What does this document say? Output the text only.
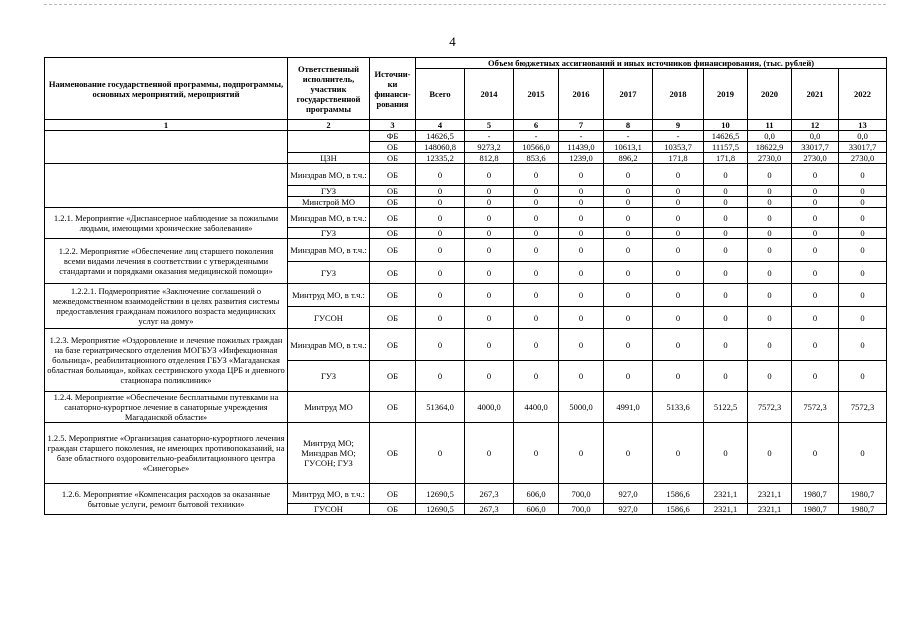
4
Наименование государственной программы, подпрограммы, основных мероприятий, мероприятий	Ответственный исполнитель, участник государственной программы	Источни-ки финанси-рования	Объем бюджетных ассигнований и иных источников финансирования, (тыс. рублей)									
			Всего	2014	2015	2016	2017	2018	2019	2020	2021	2022
1	2	3	4	5	6	7	8	9	10	11	12	13
		ФБ	14626,5	-	-	-	-	-	14626,5	0,0	0,0	0,0
		ОБ	148060,8	9273,2	10566,0	11439,0	10613,1	10353,7	11157,5	18622,9	33017,7	33017,7
	ЦЗН	ОБ	12335,2	812,8	853,6	1239,0	896,2	171,8	171,8	2730,0	2730,0	2730,0
	Минздрав МО, в т.ч.:	ОБ	0	0	0	0	0	0	0	0	0	0
	ГУЗ	ОБ	0	0	0	0	0	0	0	0	0	0
	Минстрой МО	ОБ	0	0	0	0	0	0	0	0	0	0
1.2.1. Мероприятие «Диспансерное наблюдение за пожилыми людьми, имеющими хронические заболевания»	Минздрав МО, в т.ч.:	ОБ	0	0	0	0	0	0	0	0	0	0
	ГУЗ	ОБ	0	0	0	0	0	0	0	0	0	0
1.2.2. Мероприятие «Обеспечение лиц старшего поколения всеми видами лечения в соответствии с утвержденными стандартами и порядками оказания медицинской помощи»	Минздрав МО, в т.ч.:	ОБ	0	0	0	0	0	0	0	0	0	0
	ГУЗ	ОБ	0	0	0	0	0	0	0	0	0	0
1.2.2.1. Подмероприятие «Заключение соглашений о межведомственном взаимодействии в целях развития системы предоставления гражданам пожилого возраста медицинских услуг на дому»	Минтруд МО, в т.ч.:	ОБ	0	0	0	0	0	0	0	0	0	0
	ГУСОН	ОБ	0	0	0	0	0	0	0	0	0	0
1.2.3. Мероприятие «Оздоровление и лечение пожилых граждан на базе гериатрического отделения МОГБУЗ «Инфекционная больница», реабилитационного отделения ГБУЗ «Магаданская областная больница», койках сестринского ухода ЦРБ и дневного стационара поликлиник»	Минздрав МО, в т.ч.:	ОБ	0	0	0	0	0	0	0	0	0	0
	ГУЗ	ОБ	0	0	0	0	0	0	0	0	0	0
1.2.4. Мероприятие «Обеспечение бесплатными путевками на санаторно-курортное лечение в санаторные учреждения Магаданской области»	Минтруд МО	ОБ	51364,0	4000,0	4400,0	5000,0	4991,0	5133,6	5122,5	7572,3	7572,3	7572,3
1.2.5. Мероприятие «Организация санаторно-курортного лечения граждан старшего поколения, не имеющих противопоказаний, на базе областного оздоровительно-реабилитационного центра «Синегорье»	Минтруд МО; Минздрав МО; ГУСОН; ГУЗ	ОБ	0	0	0	0	0	0	0	0	0	0
1.2.6. Мероприятие «Компенсация расходов за оказанные бытовые услуги, ремонт бытовой техники»	Минтруд МО, в т.ч.:	ОБ	12690,5	267,3	606,0	700,0	927,0	1586,6	2321,1	2321,1	1980,7	1980,7
	ГУСОН	ОБ	12690,5	267,3	606,0	700,0	927,0	1586,6	2321,1	2321,1	1980,7	1980,7
